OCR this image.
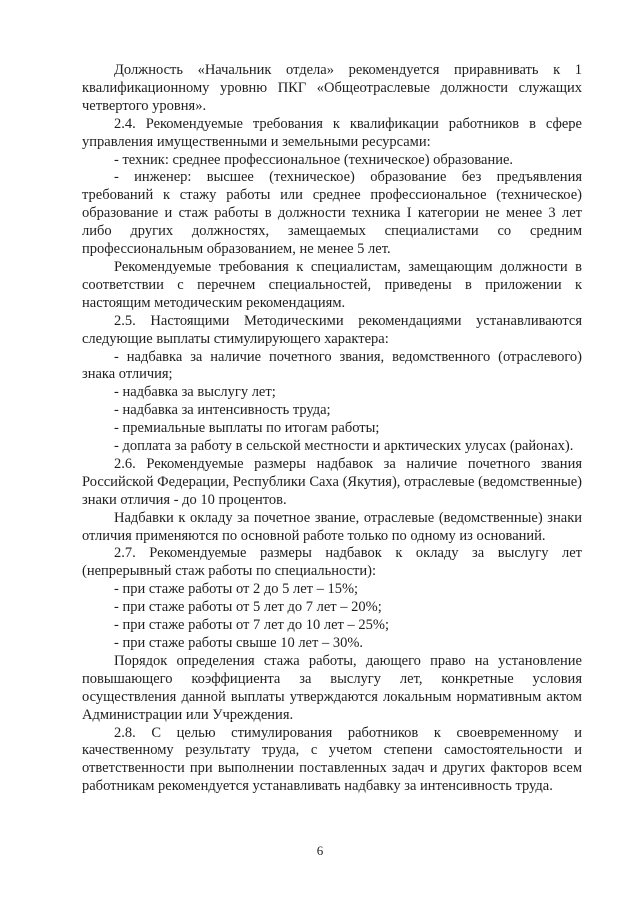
Должность «Начальник отдела» рекомендуется приравнивать к 1 квалификационному уровню ПКГ «Общеотраслевые должности служащих четвертого уровня».

2.4. Рекомендуемые требования к квалификации работников в сфере управления имущественными и земельными ресурсами:

- техник: среднее профессиональное (техническое) образование.

- инженер: высшее (техническое) образование без предъявления требований к стажу работы или среднее профессиональное (техническое) образование и стаж работы в должности техника I категории не менее 3 лет либо других должностях, замещаемых специалистами со средним профессиональным образованием, не менее 5 лет.

Рекомендуемые требования к специалистам, замещающим должности в соответствии с перечнем специальностей, приведены в приложении к настоящим методическим рекомендациям.

2.5. Настоящими Методическими рекомендациями устанавливаются следующие выплаты стимулирующего характера:

- надбавка за наличие почетного звания, ведомственного (отраслевого) знака отличия;

- надбавка за выслугу лет;

- надбавка за интенсивность труда;

- премиальные выплаты по итогам работы;

- доплата за работу в сельской местности и арктических улусах (районах).

2.6. Рекомендуемые размеры надбавок за наличие почетного звания Российской Федерации, Республики Саха (Якутия), отраслевые (ведомственные) знаки отличия - до 10 процентов.

Надбавки к окладу за почетное звание, отраслевые (ведомственные) знаки отличия применяются по основной работе только по одному из оснований.

2.7. Рекомендуемые размеры надбавок к окладу за выслугу лет (непрерывный стаж работы по специальности):

- при стаже работы от 2 до 5 лет – 15%;

- при стаже работы от 5 лет до 7 лет – 20%;

- при стаже работы от 7 лет до 10 лет – 25%;

- при стаже работы свыше 10 лет – 30%.

Порядок определения стажа работы, дающего право на установление повышающего коэффициента за выслугу лет, конкретные условия осуществления данной выплаты утверждаются локальным нормативным актом Администрации или Учреждения.

2.8. С целью стимулирования работников к своевременному и качественному результату труда, с учетом степени самостоятельности и ответственности при выполнении поставленных задач и других факторов всем работникам рекомендуется устанавливать надбавку за интенсивность труда.

6
